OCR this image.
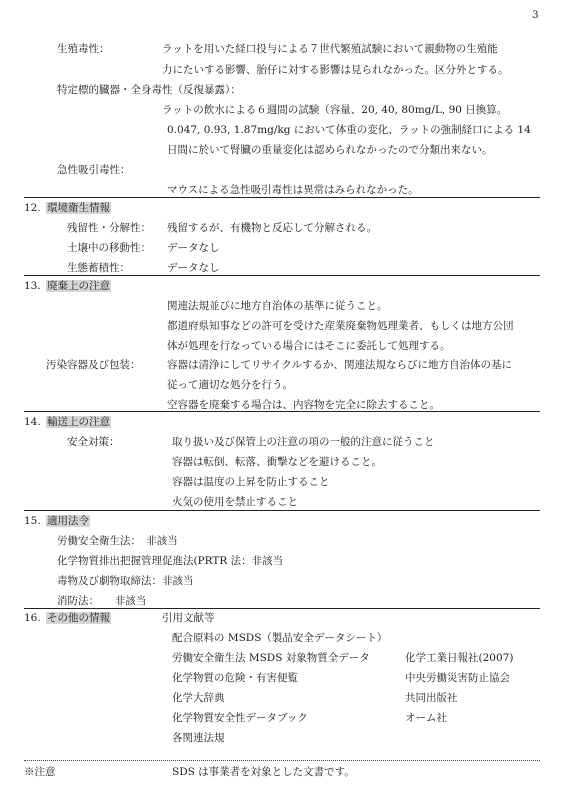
3
生殖毒性：	ラットを用いた経口投与による７世代繁殖試験において親動物の生殖能
力にたいする影響、胎仔に対する影響は見られなかった。区分外とする。
特定標的臓器・全身毒性（反復暴露）：
ラットの飲水による６週間の試験（容量、20, 40, 80mg/L, 90 日換算。
0.047, 0.93, 1.87mg/kg において体重の変化、ラットの強制経口による 14
日間に於いて腎臓の重量変化は認められなかったので分類出来ない。
急性吸引毒性：
マウスによる急性吸引毒性は異常はみられなかった。
12. 環境衛生情報
残留性・分解性： 残留するが、有機物と反応して分解される。
土壌中の移動性： データなし
生態蓄積性：	データなし
13. 廃棄上の注意
関連法規並びに地方自治体の基準に従うこと。
都道府県知事などの許可を受けた産業廃棄物処理業者、もしくは地方公団
体が処理を行なっている場合にはそこに委託して処理する。
汚染容器及び包装：	容器は清浄にしてリサイクルするか、関連法規ならびに地方自治体の基に
従って適切な処分を行う。
空容器を廃棄する場合は、内容物を完全に除去すること。
14. 輸送上の注意
安全対策：	取り扱い及び保管上の注意の項の一般的注意に従うこと
容器は転倒、転落、衝撃などを避けること。
容器は温度の上昇を防止すること
火気の使用を禁止すること
15. 適用法令
労働安全衛生法：　非該当
化学物質排出把握管理促進法(PRTR 法：非該当
毒物及び劇物取締法：非該当
消防法：　　非該当
16. その他の情報	引用文献等
配合原料の MSDS（製品安全データシート）
労働安全衛生法 MSDS 対象物質全データ	化学工業日報社(2007)
化学物質の危険・有害便覧	中央労働災害防止協会
化学大辞典	共同出版社
化学物質安全性データブック	オーム社
各関連法規
※注意	SDS は事業者を対象とした文書です。
